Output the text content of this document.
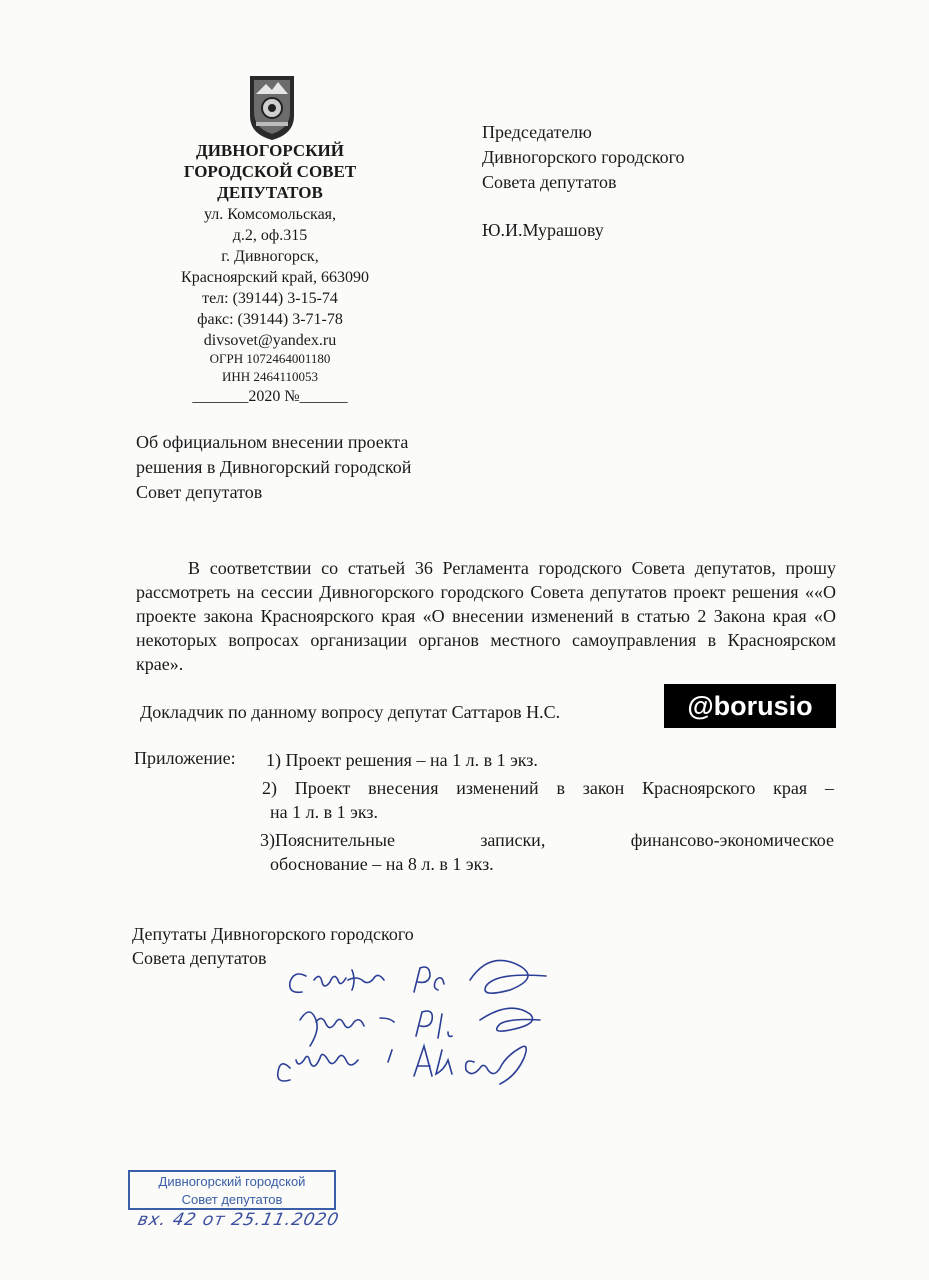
ДИВНОГОРСКИЙ
ГОРОДСКОЙ СОВЕТ
ДЕПУТАТОВ
ул. Комсомольская,
д.2, оф.315
г. Дивногорск,
Красноярский край, 663090
тел: (39144) 3-15-74
факс: (39144) 3-71-78
divsovet@yandex.ru
ОГРН 1072464001180
ИНН 2464110053
_______2020 №______
Председателю
Дивногорского городского
Совета депутатов
Ю.И.Мурашову
Об официальном внесении проекта
решения в Дивногорский городской
Совет депутатов
В соответствии со статьей 36 Регламента городского Совета депутатов, прошу рассмотреть на сессии Дивногорского городского Совета депутатов проект решения ««О проекте закона Красноярского края «О внесении изменений в статью 2 Закона края «О некоторых вопросах организации органов местного самоуправления в Красноярском крае».
Докладчик по данному вопросу депутат Саттаров Н.С.	@borusio
Приложение: 1) Проект решения – на 1 л. в 1 экз.
2) Проект внесения изменений в закон Красноярского края –
на 1 л. в 1 экз.
3)Пояснительные записки, финансово-экономическое
обоснование – на 8 л. в 1 экз.
Депутаты Дивногорского городского
Совета депутатов
Дивногорский городской
Совет депутатов
вх. 42 от 25.11.2020
